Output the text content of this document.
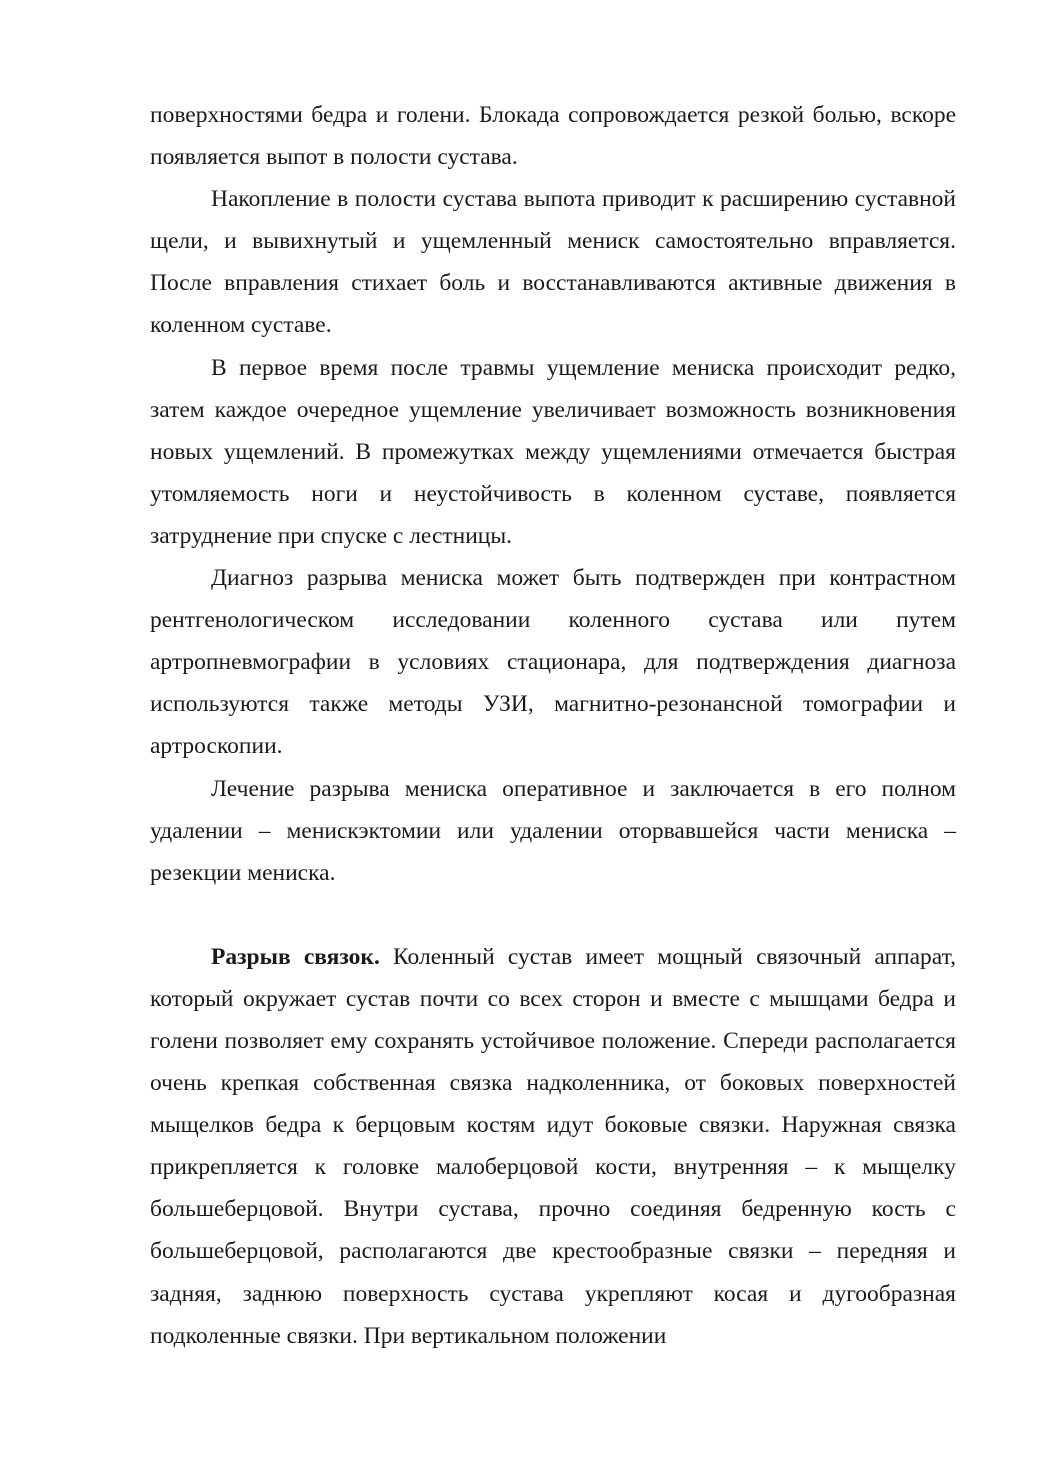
поверхностями бедра и голени. Блокада сопровождается резкой болью, вскоре появляется выпот в полости сустава.

Накопление в полости сустава выпота приводит к расширению суставной щели, и вывихнутый и ущемленный мениск самостоятельно вправляется. После вправления стихает боль и восстанавливаются активные движения в коленном суставе.

В первое время после травмы ущемление мениска происходит редко, затем каждое очередное ущемление увеличивает возможность возникновения новых ущемлений. В промежутках между ущемлениями отмечается быстрая утомляемость ноги и неустойчивость в коленном суставе, появляется затруднение при спуске с лестницы.

Диагноз разрыва мениска может быть подтвержден при контрастном рентгенологическом исследовании коленного сустава или путем артропневмографии в условиях стационара, для подтверждения диагноза используются также методы УЗИ, магнитно-резонансной томографии и артроскопии.

Лечение разрыва мениска оперативное и заключается в его полном удалении – менискэктомии или удалении оторвавшейся части мениска – резекции мениска.

Разрыв связок. Коленный сустав имеет мощный связочный аппарат, который окружает сустав почти со всех сторон и вместе с мышцами бедра и голени позволяет ему сохранять устойчивое положение. Спереди располагается очень крепкая собственная связка надколенника, от боковых поверхностей мыщелков бедра к берцовым костям идут боковые связки. Наружная связка прикрепляется к головке малоберцовой кости, внутренняя – к мыщелку большеберцовой. Внутри сустава, прочно соединяя бедренную кость с большеберцовой, располагаются две крестообразные связки – передняя и задняя, заднюю поверхность сустава укрепляют косая и дугообразная подколенные связки. При вертикальном положении
